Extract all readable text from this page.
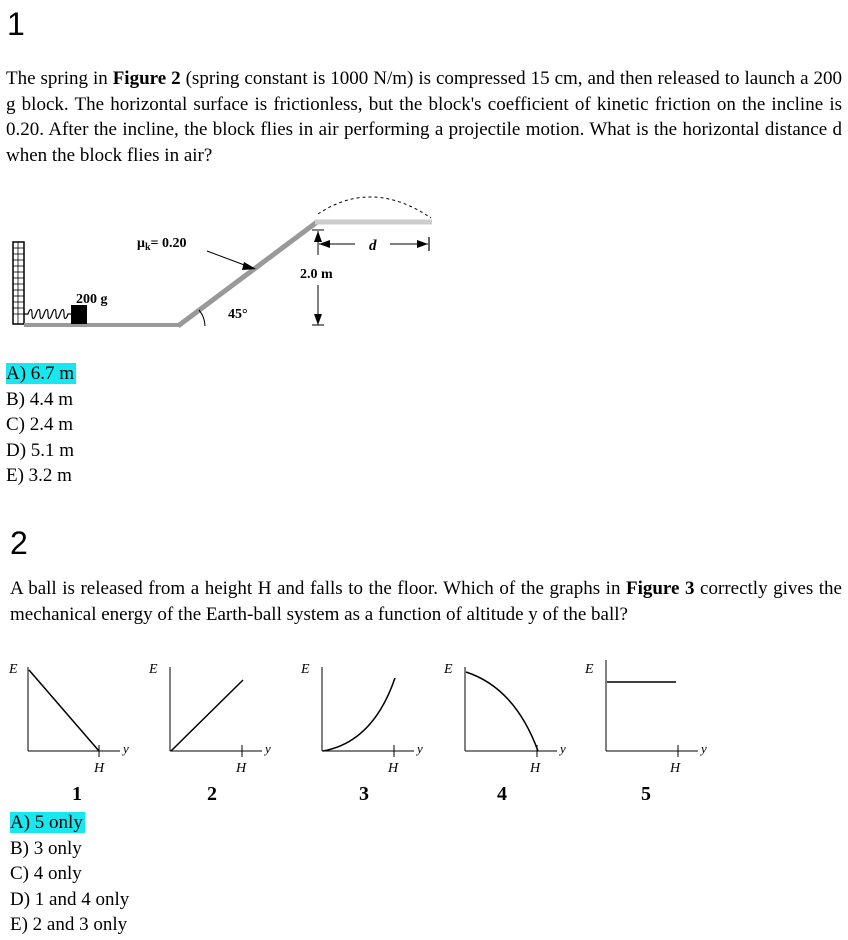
1

The spring in Figure 2 (spring constant is 1000 N/m) is compressed 15 cm, and then released to launch a 200 g block. The horizontal surface is frictionless, but the block's coefficient of kinetic friction on the incline is 0.20. After the incline, the block flies in air performing a projectile motion. What is the horizontal distance d when the block flies in air?

200 g
45°
$\mu_k= 0.20$
2.0 m
d
A) 6.7 m
B) 4.4 m
C) 2.4 m
D) 5.1 m
E) 3.2 m
2

A ball is released from a height H and falls to the floor. Which of the graphs in Figure 3 correctly gives the mechanical energy of the Earth-ball system as a function of altitude y of the ball?

E
H
y
1
E
H
y
2
E
H
y
3
E
H
y
4
E
H
y
5
A) 5 only
B) 3 only
C) 4 only
D) 1 and 4 only
E) 2 and 3 only
